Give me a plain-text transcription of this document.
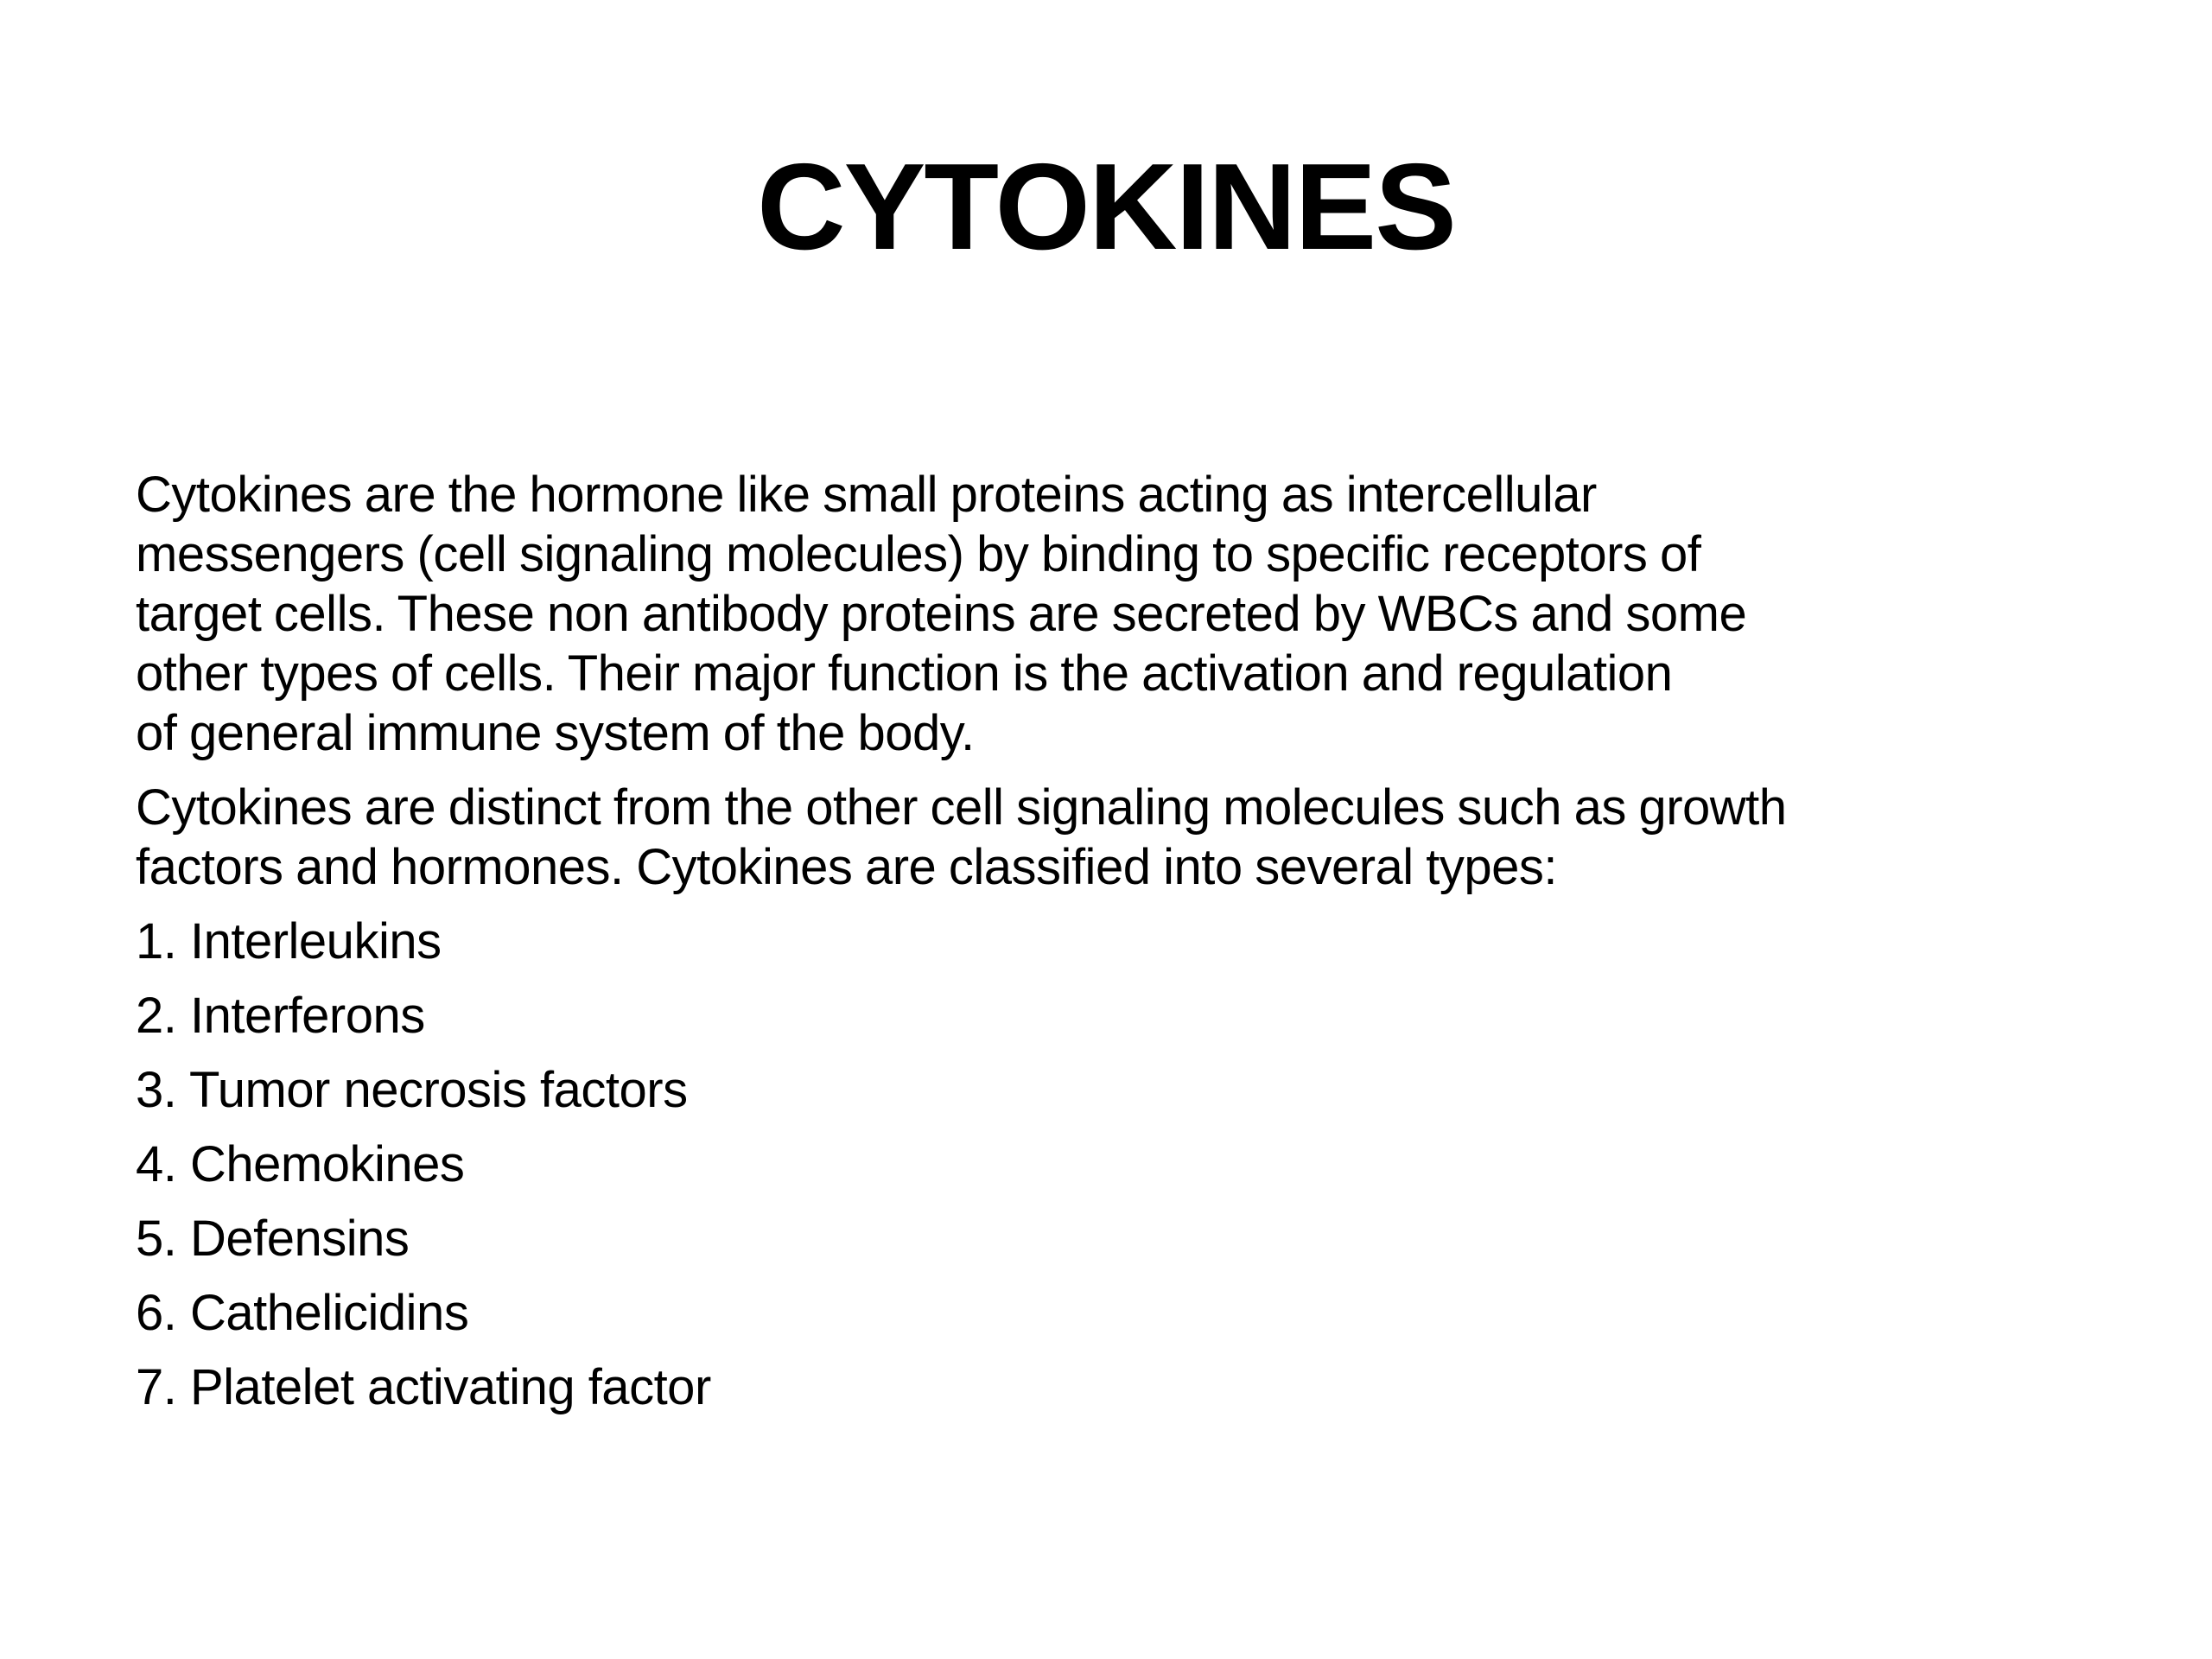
CYTOKINES

Cytokines are the hormone like small proteins acting as intercellular
messengers (cell signaling molecules) by binding to specific receptors of
target cells. These non antibody proteins are secreted by WBCs and some
other types of cells. Their major function is the activation and regulation
of general immune system of the body.

Cytokines are distinct from the other cell signaling molecules such as growth
factors and hormones. Cytokines are classified into several types:

1. Interleukins
2. Interferons
3. Tumor necrosis factors
4. Chemokines
5. Defensins
6. Cathelicidins
7. Platelet activating factor
